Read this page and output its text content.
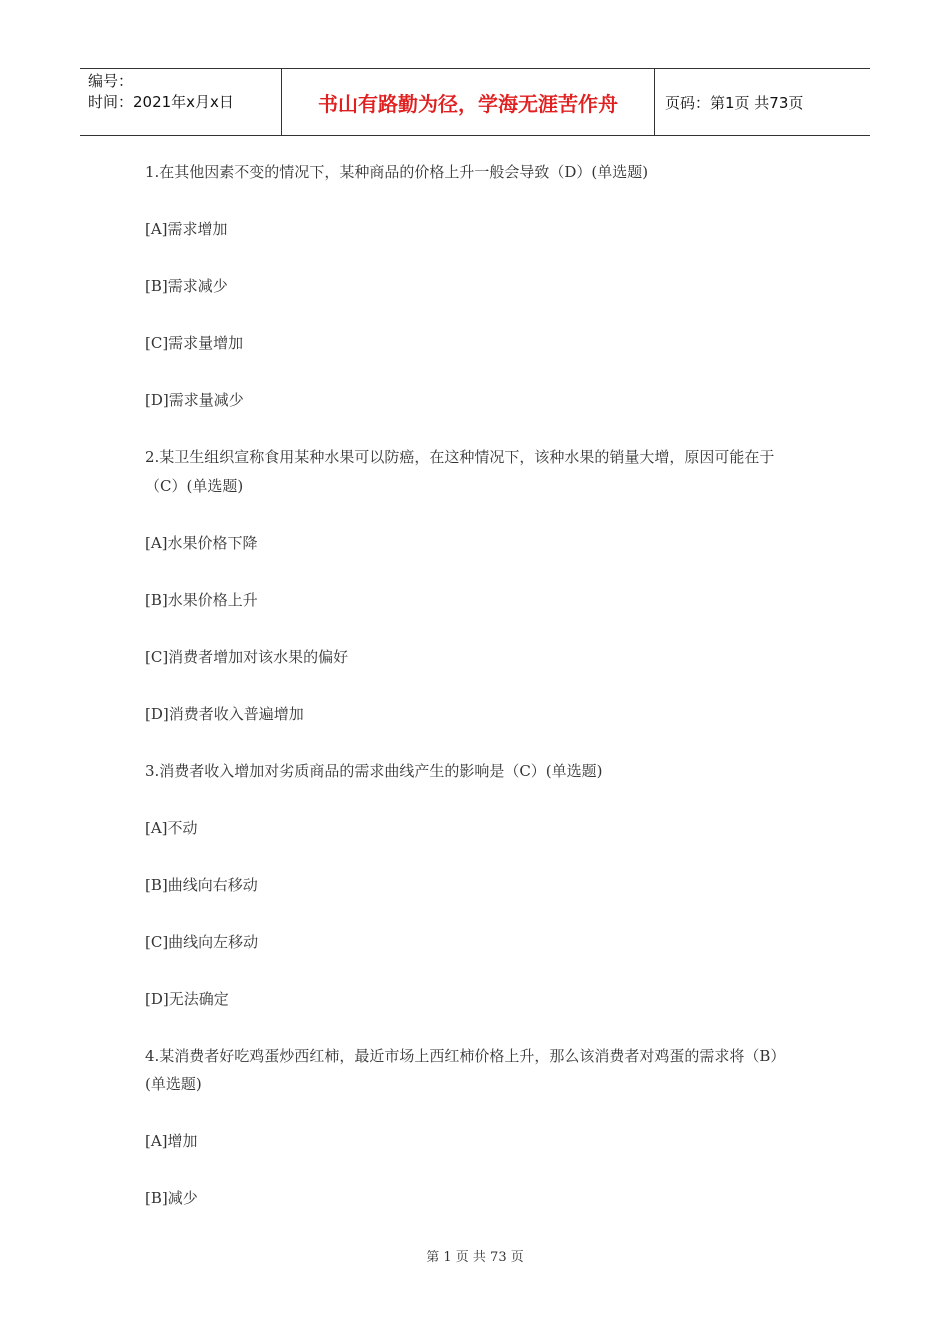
编号：
时间：2021年x月x日	书山有路勤为径，学海无涯苦作舟	页码：第1页 共73页
1.在其他因素不变的情况下，某种商品的价格上升一般会导致（D）(单选题)
[A]需求增加
[B]需求减少
[C]需求量增加
[D]需求量减少
2.某卫生组织宣称食用某种水果可以防癌，在这种情况下，该种水果的销量大增，原因可能在于（C）(单选题)
[A]水果价格下降
[B]水果价格上升
[C]消费者增加对该水果的偏好
[D]消费者收入普遍增加
3.消费者收入增加对劣质商品的需求曲线产生的影响是（C）(单选题)
[A]不动
[B]曲线向右移动
[C]曲线向左移动
[D]无法确定
4.某消费者好吃鸡蛋炒西红柿，最近市场上西红柿价格上升，那么该消费者对鸡蛋的需求将（B）(单选题)
[A]增加
[B]减少
第 1 页 共 73 页
